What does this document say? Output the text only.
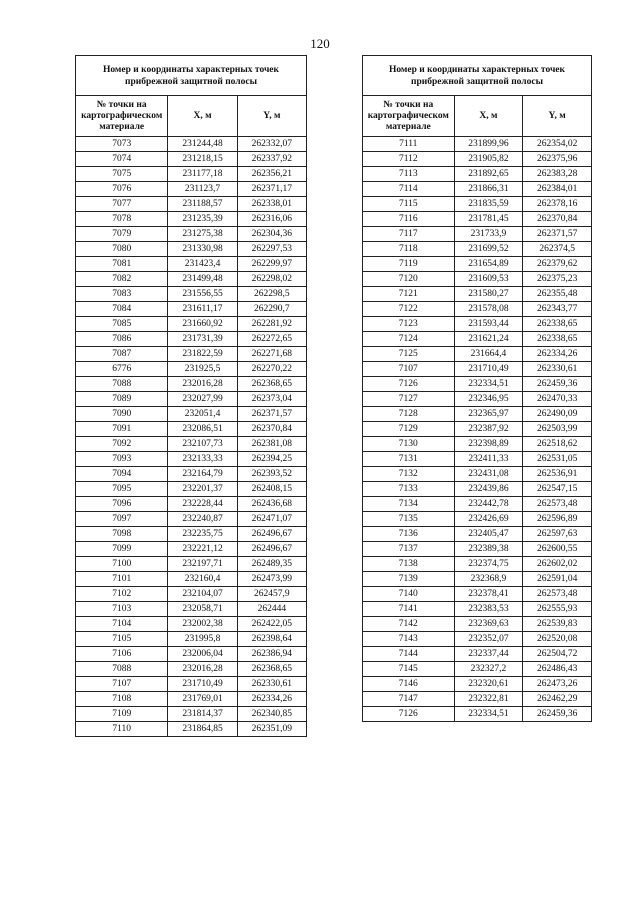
120
Номер и координаты характерных точек прибрежной защитной полосы		
№ точки на картографическом материале	X, м	Y, м
7073	231244,48	262332,07
7074	231218,15	262337,92
7075	231177,18	262356,21
7076	231123,7	262371,17
7077	231188,57	262338,01
7078	231235,39	262316,06
7079	231275,38	262304,36
7080	231330,98	262297,53
7081	231423,4	262299,97
7082	231499,48	262298,02
7083	231556,55	262298,5
7084	231611,17	262290,7
7085	231660,92	262281,92
7086	231731,39	262272,65
7087	231822,59	262271,68
6776	231925,5	262270,22
7088	232016,28	262368,65
7089	232027,99	262373,04
7090	232051,4	262371,57
7091	232086,51	262370,84
7092	232107,73	262381,08
7093	232133,33	262394,25
7094	232164,79	262393,52
7095	232201,37	262408,15
7096	232228,44	262436,68
7097	232240,87	262471,07
7098	232235,75	262496,67
7099	232221,12	262496,67
7100	232197,71	262489,35
7101	232160,4	262473,99
7102	232104,07	262457,9
7103	232058,71	262444
7104	232002,38	262422,05
7105	231995,8	262398,64
7106	232006,04	262386,94
7088	232016,28	262368,65
7107	231710,49	262330,61
7108	231769,01	262334,26
7109	231814,37	262340,85
7110	231864,85	262351,09
Номер и координаты характерных точек прибрежной защитной полосы		
№ точки на картографическом материале	X, м	Y, м
7111	231899,96	262354,02
7112	231905,82	262375,96
7113	231892,65	262383,28
7114	231866,31	262384,01
7115	231835,59	262378,16
7116	231781,45	262370,84
7117	231733,9	262371,57
7118	231699,52	262374,5
7119	231654,89	262379,62
7120	231609,53	262375,23
7121	231580,27	262355,48
7122	231578,08	262343,77
7123	231593,44	262338,65
7124	231621,24	262338,65
7125	231664,4	262334,26
7107	231710,49	262330,61
7126	232334,51	262459,36
7127	232346,95	262470,33
7128	232365,97	262490,09
7129	232387,92	262503,99
7130	232398,89	262518,62
7131	232411,33	262531,05
7132	232431,08	262536,91
7133	232439,86	262547,15
7134	232442,78	262573,48
7135	232426,69	262596,89
7136	232405,47	262597,63
7137	232389,38	262600,55
7138	232374,75	262602,02
7139	232368,9	262591,04
7140	232378,41	262573,48
7141	232383,53	262555,93
7142	232369,63	262539,83
7143	232352,07	262520,08
7144	232337,44	262504,72
7145	232327,2	262486,43
7146	232320,61	262473,26
7147	232322,81	262462,29
7126	232334,51	262459,36
